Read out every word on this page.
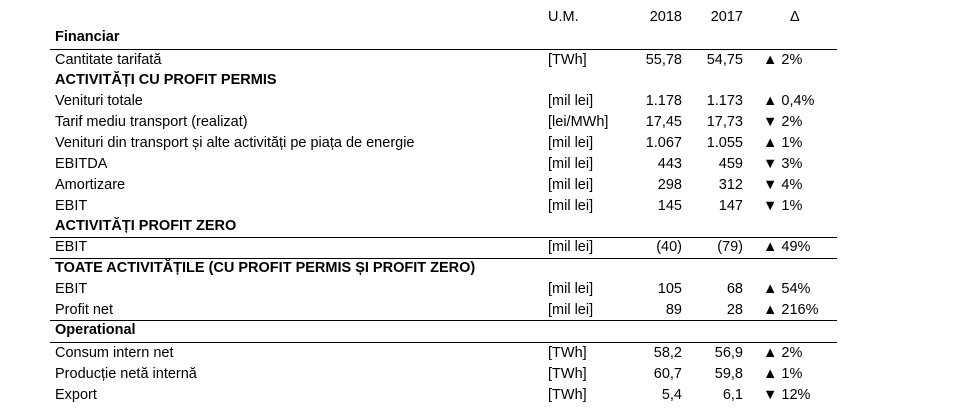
U.M.	2018	2017	Δ
Financiar
Cantitate tarifată	[TWh]	55,78	54,75 ▲ 2%
ACTIVITĂȚI CU PROFIT PERMIS
Venituri totale	[mil lei]	1.178	1.173 ▲ 0,4%
Tarif mediu transport (realizat)	[lei/MWh]	17,45	17,73 ▼ 2%
Venituri din transport și alte activități pe piața de energie	[mil lei]	1.067	1.055 ▲ 1%
EBITDA	[mil lei]	443	459 ▼ 3%
Amortizare	[mil lei]	298	312 ▼ 4%
EBIT	[mil lei]	145	147 ▼ 1%
ACTIVITĂȚI PROFIT ZERO
EBIT	[mil lei]	(40)	(79) ▲ 49%
TOATE ACTIVITĂȚILE (CU PROFIT PERMIS ȘI PROFIT ZERO)
EBIT	[mil lei]	105	68 ▲ 54%
Profit net	[mil lei]	89	28 ▲ 216%
Operational
Consum intern net	[TWh]	58,2	56,9 ▲ 2%
Producție netă internă	[TWh]	60,7	59,8 ▲ 1%
Export	[TWh]	5,4	6,1 ▼ 12%
